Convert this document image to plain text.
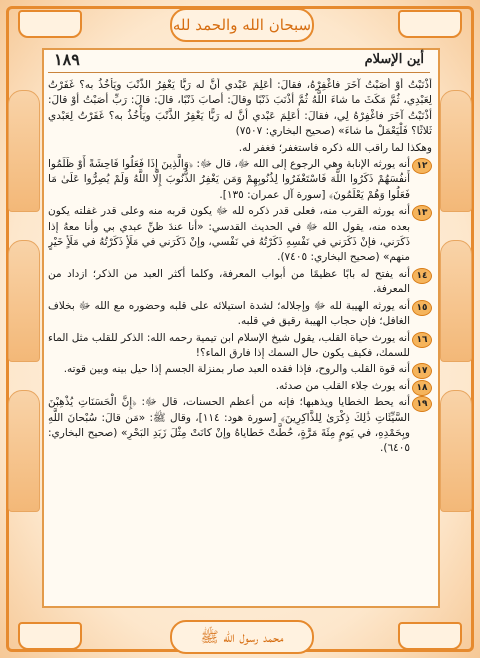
سبحان الله والحمد لله
محمد رسول الله ﷺ
١٨٩	أين الإسلام
أذْنَبْتُ أوْ أصَبْتُ آخَرَ فاغْفِرْهُ، فقالَ: أعَلِمَ عَبْدي أنَّ له رَبًّا يَغْفِرُ الذَّنْبَ ويَأْخُذُ به؟ غَفَرْتُ لِعَبْدِي، ثُمَّ مَكَثَ ما شاءَ اللَّهُ ثُمَّ أذْنَبَ ذَنْبًا وقالَ: أصابَ ذَنْبًا، قالَ: قالَ: رَبِّ أصَبْتُ أوْ قالَ: أذْنَبْتُ آخَرَ فاغْفِرْهُ لِي، فقالَ: أعَلِمَ عَبْدي أنَّ له رَبًّا يَغْفِرُ الذَّنْبَ ويَأْخُذُ به؟ غَفَرْتُ لِعَبْدي ثَلاثًا؟ فَلْيَعْمَلْ ما شاءَ» (صحيح البخاري: ٧٥٠٧)
وهكذا لما راقب الله ذكره فاستغفر؛ فغفر له.
١٢
أنه يورثه الإنابة وهي الرجوع إلى الله ﷻ، قال ﷻ: ﴿وَالَّذِينَ إِذَا فَعَلُوا فَاحِشَةً أَوْ ظَلَمُوا أَنفُسَهُمْ ذَكَرُوا اللَّهَ فَاسْتَغْفَرُوا لِذُنُوبِهِمْ وَمَن يَغْفِرُ الذُّنُوبَ إِلَّا اللَّهُ وَلَمْ يُصِرُّوا عَلَىٰ مَا فَعَلُوا وَهُمْ يَعْلَمُونَ﴾ [سورة آل عمران: ١٣٥].
١٣
أنه يورثه القرب منه، فعلى قدر ذكره لله ﷻ يكون قربه منه وعلى قدر غفلته يكون بعده منه، يقول الله ﷻ في الحديث القدسي: «أنا عندَ ظنِّ عبدي بي وأنا معهُ إذا ذَكَرَني، فإنْ ذَكَرَني في نَفْسِهِ ذَكَرْتُهُ في نَفْسي، وإنْ ذَكَرَني في مَلَأٍ ذَكَرْتُهُ في مَلَأٍ خَيْرٍ منهم» (صحيح البخاري: ٧٤٠٥).
١٤
أنه يفتح له بابًا عظيمًا من أبواب المعرفة، وكلما أكثر العبد من الذكر؛ ازداد من المعرفة.
١٥
أنه يورثه الهيبة لله ﷻ وإجلاله؛ لشدة استيلائه على قلبه وحضوره مع الله ﷻ بخلاف الغافل؛ فإن حجاب الهيبة رقيق في قلبه.
١٦
أنه يورث حياة القلب، يقول شيخ الإسلام ابن تيمية رحمه الله: الذكر للقلب مثل الماء للسمك، فكيف يكون حال السمك إذا فارق الماء؟!
١٧
أنه قوة القلب والروح، فإذا فقده العبد صار بمنزلة الجسم إذا حيل بينه وبين قوته.
١٨
أنه يورث جلاء القلب من صدئه.
١٩
أنه يحط الخطايا ويذهبها؛ فإنه من أعظم الحسنات، قال ﷻ: ﴿إِنَّ الْحَسَنَاتِ يُذْهِبْنَ السَّيِّئَاتِ ذَٰلِكَ ذِكْرَىٰ لِلذَّاكِرِينَ﴾ [سورة هود: ١١٤]، وقال ﷺ: «مَن قالَ: سُبْحانَ اللَّهِ وبِحَمْدِهِ، في يَومٍ مِئَةَ مَرَّةٍ، حُطَّتْ خَطاياهُ وإنْ كانَتْ مِثْلَ زَبَدِ البَحْرِ» (صحيح البخاري: ٦٤٠٥).
